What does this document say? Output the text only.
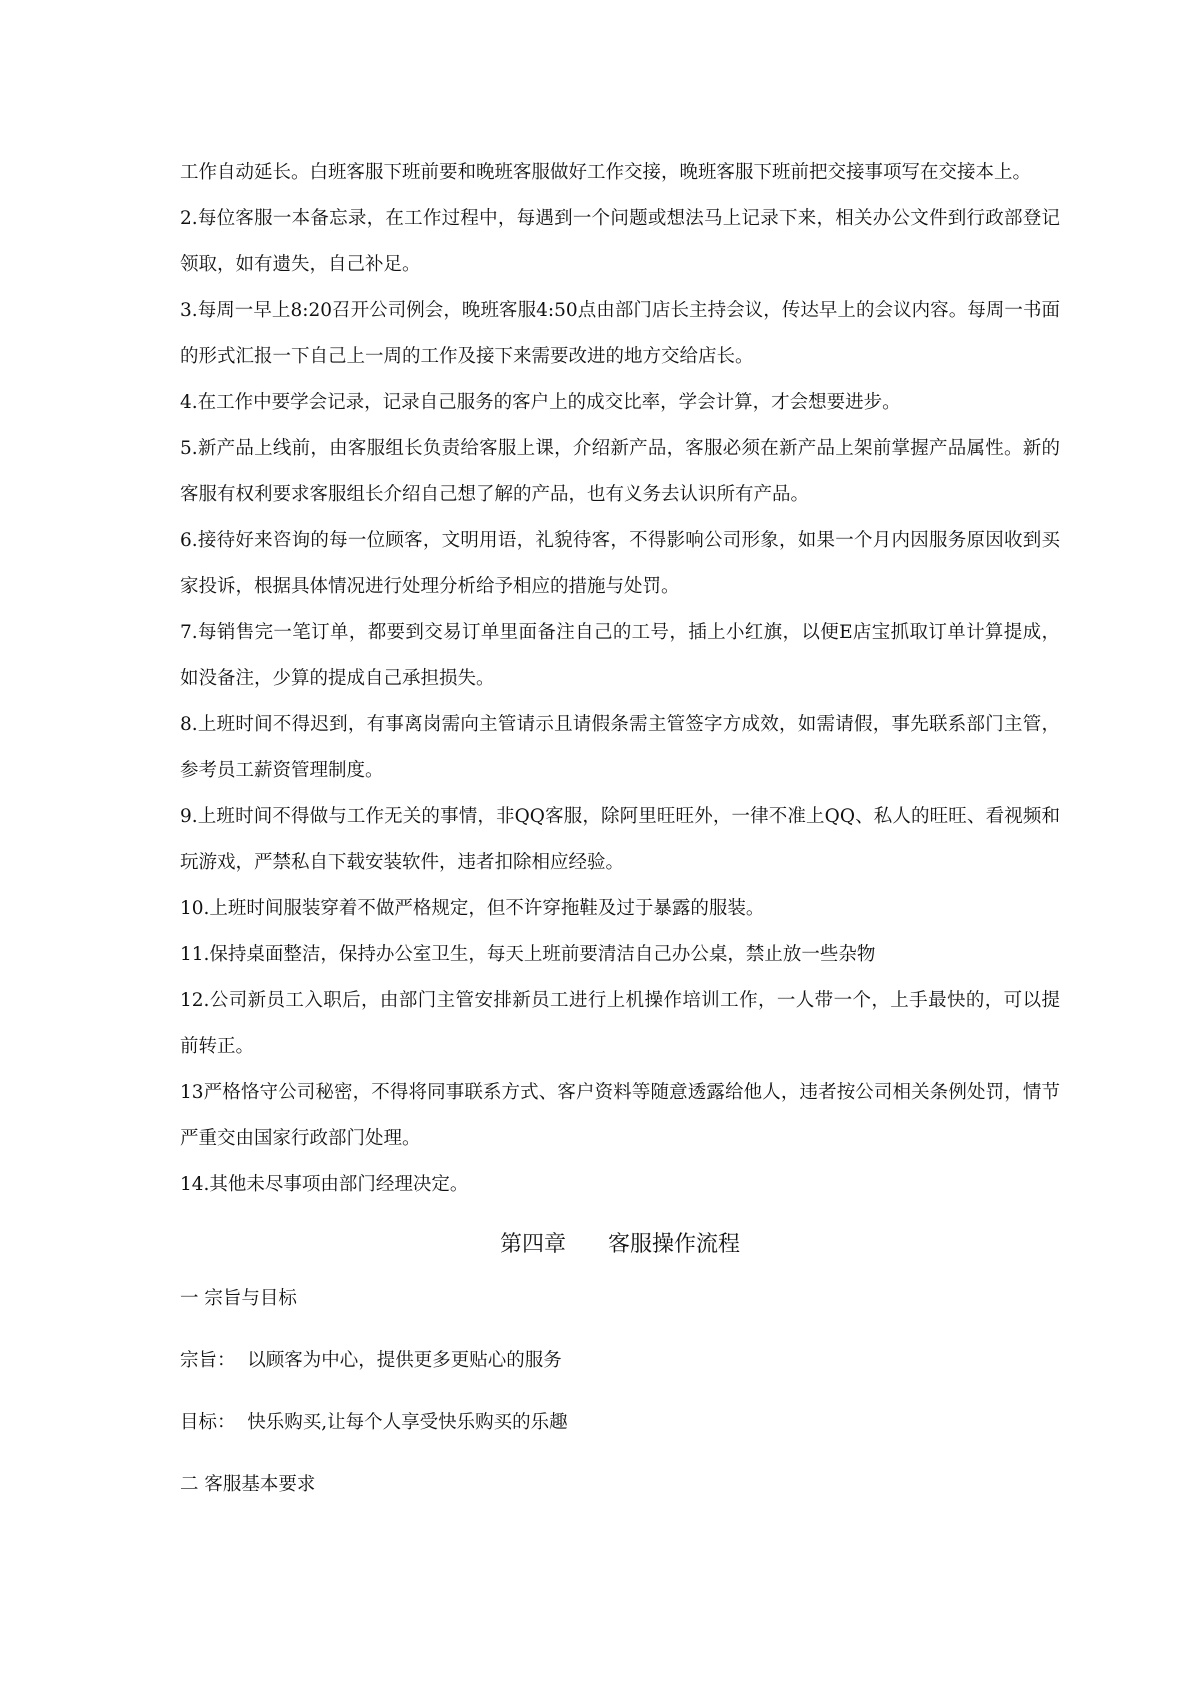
工作自动延长。白班客服下班前要和晚班客服做好工作交接，晚班客服下班前把交接事项写在交接本上。

2.每位客服一本备忘录，在工作过程中，每遇到一个问题或想法马上记录下来，相关办公文件到行政部登记领取，如有遗失，自己补足。

3.每周一早上8:20召开公司例会，晚班客服4:50点由部门店长主持会议，传达早上的会议内容。每周一书面的形式汇报一下自己上一周的工作及接下来需要改进的地方交给店长。

4.在工作中要学会记录，记录自己服务的客户上的成交比率，学会计算，才会想要进步。

5.新产品上线前，由客服组长负责给客服上课，介绍新产品，客服必须在新产品上架前掌握产品属性。新的客服有权利要求客服组长介绍自己想了解的产品，也有义务去认识所有产品。

6.接待好来咨询的每一位顾客，文明用语，礼貌待客，不得影响公司形象，如果一个月内因服务原因收到买家投诉，根据具体情况进行处理分析给予相应的措施与处罚。

7.每销售完一笔订单，都要到交易订单里面备注自己的工号，插上小红旗，以便E店宝抓取订单计算提成，如没备注，少算的提成自己承担损失。

8.上班时间不得迟到，有事离岗需向主管请示且请假条需主管签字方成效，如需请假，事先联系部门主管，参考员工薪资管理制度。

9.上班时间不得做与工作无关的事情，非QQ客服，除阿里旺旺外，一律不准上QQ、私人的旺旺、看视频和玩游戏，严禁私自下载安装软件，违者扣除相应经验。

10.上班时间服装穿着不做严格规定，但不许穿拖鞋及过于暴露的服装。

11.保持桌面整洁，保持办公室卫生，每天上班前要清洁自己办公桌，禁止放一些杂物

12.公司新员工入职后，由部门主管安排新员工进行上机操作培训工作，一人带一个，上手最快的，可以提前转正。

13严格恪守公司秘密，不得将同事联系方式、客户资料等随意透露给他人，违者按公司相关条例处罚，情节严重交由国家行政部门处理。

14.其他未尽事项由部门经理决定。

第四章      客服操作流程
一 宗旨与目标
宗旨：  以顾客为中心，提供更多更贴心的服务
目标：  快乐购买,让每个人享受快乐购买的乐趣
二 客服基本要求
